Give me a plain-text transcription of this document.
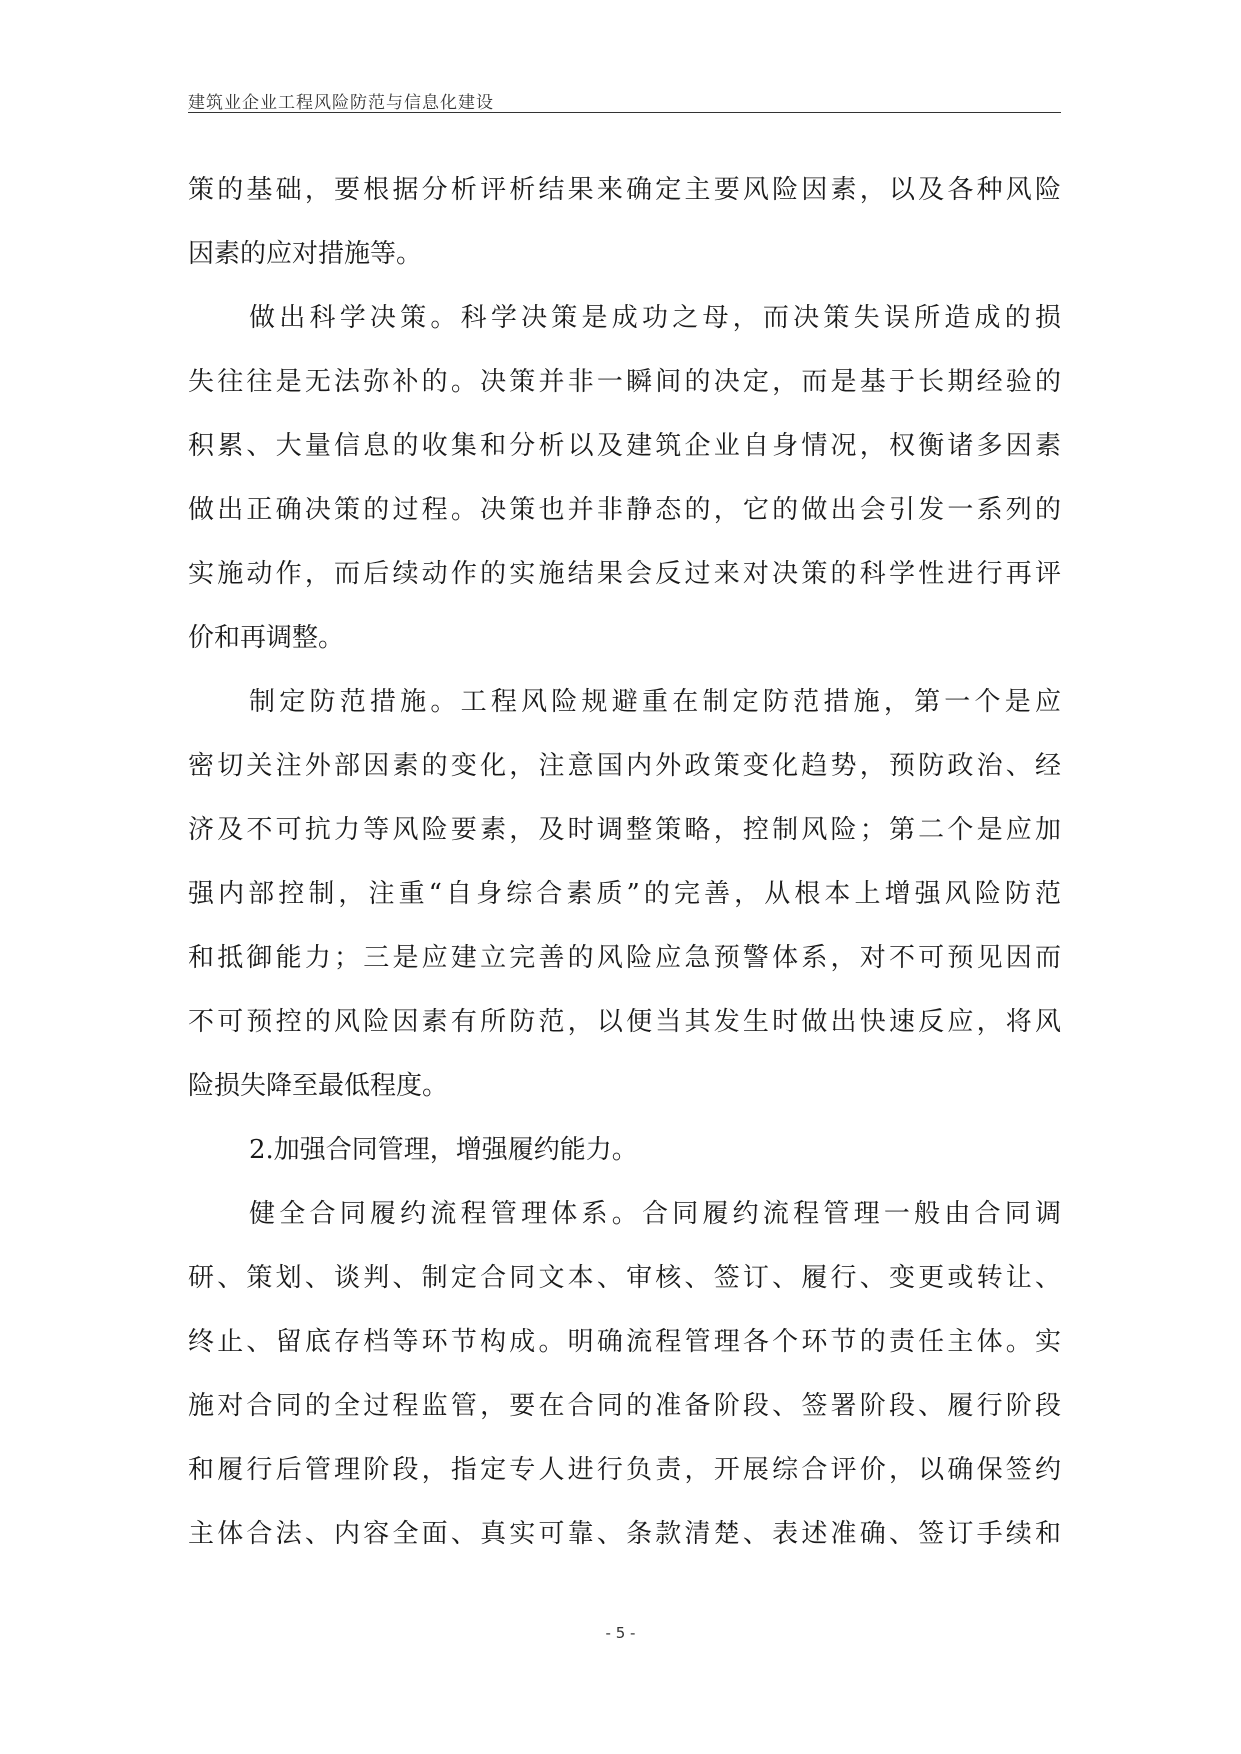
建筑业企业工程风险防范与信息化建设
策的基础，要根据分析评析结果来确定主要风险因素，以及各种风险
因素的应对措施等。
做出科学决策。科学决策是成功之母，而决策失误所造成的损
失往往是无法弥补的。决策并非一瞬间的决定，而是基于长期经验的
积累、大量信息的收集和分析以及建筑企业自身情况，权衡诸多因素
做出正确决策的过程。决策也并非静态的，它的做出会引发一系列的
实施动作，而后续动作的实施结果会反过来对决策的科学性进行再评
价和再调整。
制定防范措施。工程风险规避重在制定防范措施，第一个是应
密切关注外部因素的变化，注意国内外政策变化趋势，预防政治、经
济及不可抗力等风险要素，及时调整策略，控制风险；第二个是应加
强内部控制，注重“自身综合素质”的完善，从根本上增强风险防范
和抵御能力；三是应建立完善的风险应急预警体系，对不可预见因而
不可预控的风险因素有所防范，以便当其发生时做出快速反应，将风
险损失降至最低程度。
2.加强合同管理，增强履约能力。
健全合同履约流程管理体系。合同履约流程管理一般由合同调
研、策划、谈判、制定合同文本、审核、签订、履行、变更或转让、
终止、留底存档等环节构成。明确流程管理各个环节的责任主体。实
施对合同的全过程监管，要在合同的准备阶段、签署阶段、履行阶段
和履行后管理阶段，指定专人进行负责，开展综合评价，以确保签约
主体合法、内容全面、真实可靠、条款清楚、表述准确、签订手续和
- 5 -
